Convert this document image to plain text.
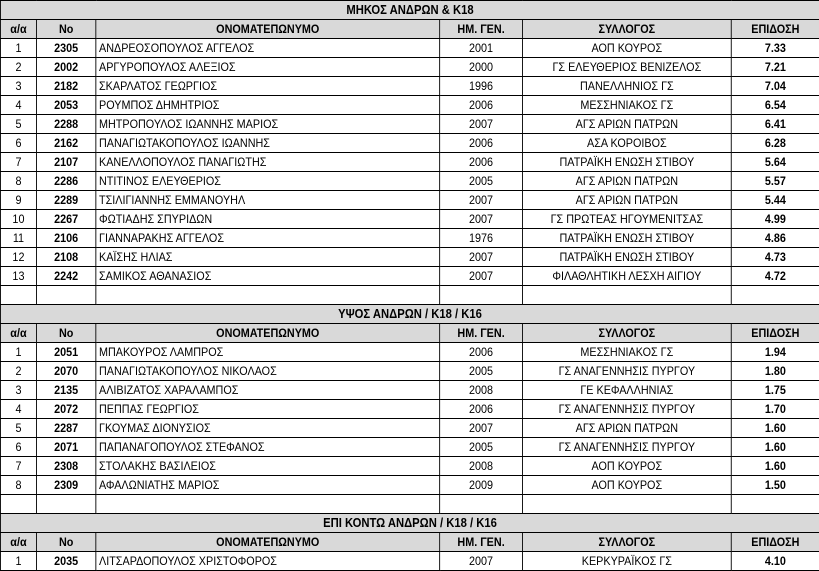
ΜΗΚΟΣ ΑΝΔΡΩΝ & Κ18					
α/α	No	ΟΝΟΜΑΤΕΠΩΝΥΜΟ	ΗΜ. ΓΕΝ.	ΣΥΛΛΟΓΟΣ	ΕΠΙΔΟΣΗ
1	2305	ΑΝΔΡΕΟΣΟΠΟΥΛΟΣ ΑΓΓΕΛΟΣ	2001	ΑΟΠ ΚΟΥΡΟΣ	7.33
2	2002	ΑΡΓΥΡΟΠΟΥΛΟΣ ΑΛΕΞΙΟΣ	2000	ΓΣ ΕΛΕΥΘΕΡΙΟΣ ΒΕΝΙΖΕΛΟΣ	7.21
3	2182	ΣΚΑΡΛΑΤΟΣ ΓΕΩΡΓΙΟΣ	1996	ΠΑΝΕΛΛΗΝΙΟΣ ΓΣ	7.04
4	2053	ΡΟΥΜΠΟΣ ΔΗΜΗΤΡΙΟΣ	2006	ΜΕΣΣΗΝΙΑΚΟΣ ΓΣ	6.54
5	2288	ΜΗΤΡΟΠΟΥΛΟΣ ΙΩΑΝΝΗΣ ΜΑΡΙΟΣ	2007	ΑΓΣ ΑΡΙΩΝ ΠΑΤΡΩΝ	6.41
6	2162	ΠΑΝΑΓΙΩΤΑΚΟΠΟΥΛΟΣ ΙΩΑΝΝΗΣ	2006	ΑΣΑ ΚΟΡΟΙΒΟΣ	6.28
7	2107	ΚΑΝΕΛΛΟΠΟΥΛΟΣ ΠΑΝΑΓΙΩΤΗΣ	2006	ΠΑΤΡΑΪΚΗ ΕΝΩΣΗ ΣΤΙΒΟΥ	5.64
8	2286	ΝΤΙΤΙΝΟΣ ΕΛΕΥΘΕΡΙΟΣ	2005	ΑΓΣ ΑΡΙΩΝ ΠΑΤΡΩΝ	5.57
9	2289	ΤΣΙΛΙΓΙΑΝΝΗΣ ΕΜΜΑΝΟΥΗΛ	2007	ΑΓΣ ΑΡΙΩΝ ΠΑΤΡΩΝ	5.44
10	2267	ΦΩΤΙΑΔΗΣ ΣΠΥΡΙΔΩΝ	2007	ΓΣ ΠΡΩΤΕΑΣ ΗΓΟΥΜΕΝΙΤΣΑΣ	4.99
11	2106	ΓΙΑΝΝΑΡΑΚΗΣ ΑΓΓΕΛΟΣ	1976	ΠΑΤΡΑΪΚΗ ΕΝΩΣΗ ΣΤΙΒΟΥ	4.86
12	2108	ΚΑΪΣΗΣ ΗΛΙΑΣ	2007	ΠΑΤΡΑΪΚΗ ΕΝΩΣΗ ΣΤΙΒΟΥ	4.73
13	2242	ΣΑΜΙΚΟΣ ΑΘΑΝΑΣΙΟΣ	2007	ΦΙΛΑΘΛΗΤΙΚΗ ΛΕΣΧΗ ΑΙΓΙΟΥ	4.72

ΥΨΟΣ ΑΝΔΡΩΝ / Κ18 / Κ16					
α/α	No	ΟΝΟΜΑΤΕΠΩΝΥΜΟ	ΗΜ. ΓΕΝ.	ΣΥΛΛΟΓΟΣ	ΕΠΙΔΟΣΗ
1	2051	ΜΠΑΚΟΥΡΟΣ ΛΑΜΠΡΟΣ	2006	ΜΕΣΣΗΝΙΑΚΟΣ ΓΣ	1.94
2	2070	ΠΑΝΑΓΙΩΤΑΚΟΠΟΥΛΟΣ ΝΙΚΟΛΑΟΣ	2005	ΓΣ ΑΝΑΓΕΝΝΗΣΙΣ ΠΥΡΓΟΥ	1.80
3	2135	ΑΛΙΒΙΖΑΤΟΣ ΧΑΡΑΛΑΜΠΟΣ	2008	ΓΕ ΚΕΦΑΛΛΗΝΙΑΣ	1.75
4	2072	ΠΕΠΠΑΣ ΓΕΩΡΓΙΟΣ	2006	ΓΣ ΑΝΑΓΕΝΝΗΣΙΣ ΠΥΡΓΟΥ	1.70
5	2287	ΓΚΟΥΜΑΣ ΔΙΟΝΥΣΙΟΣ	2007	ΑΓΣ ΑΡΙΩΝ ΠΑΤΡΩΝ	1.60
6	2071	ΠΑΠΑΝΑΓΟΠΟΥΛΟΣ ΣΤΕΦΑΝΟΣ	2005	ΓΣ ΑΝΑΓΕΝΝΗΣΙΣ ΠΥΡΓΟΥ	1.60
7	2308	ΣΤΟΛΑΚΗΣ ΒΑΣΙΛΕΙΟΣ	2008	ΑΟΠ ΚΟΥΡΟΣ	1.60
8	2309	ΑΦΑΛΩΝΙΑΤΗΣ ΜΑΡΙΟΣ	2009	ΑΟΠ ΚΟΥΡΟΣ	1.50

ΕΠΙ ΚΟΝΤΩ ΑΝΔΡΩΝ / Κ18 / Κ16					
α/α	No	ΟΝΟΜΑΤΕΠΩΝΥΜΟ	ΗΜ. ΓΕΝ.	ΣΥΛΛΟΓΟΣ	ΕΠΙΔΟΣΗ
1	2035	ΛΙΤΣΑΡΔΟΠΟΥΛΟΣ ΧΡΙΣΤΟΦΟΡΟΣ	2007	ΚΕΡΚΥΡΑΪΚΟΣ ΓΣ	4.10
